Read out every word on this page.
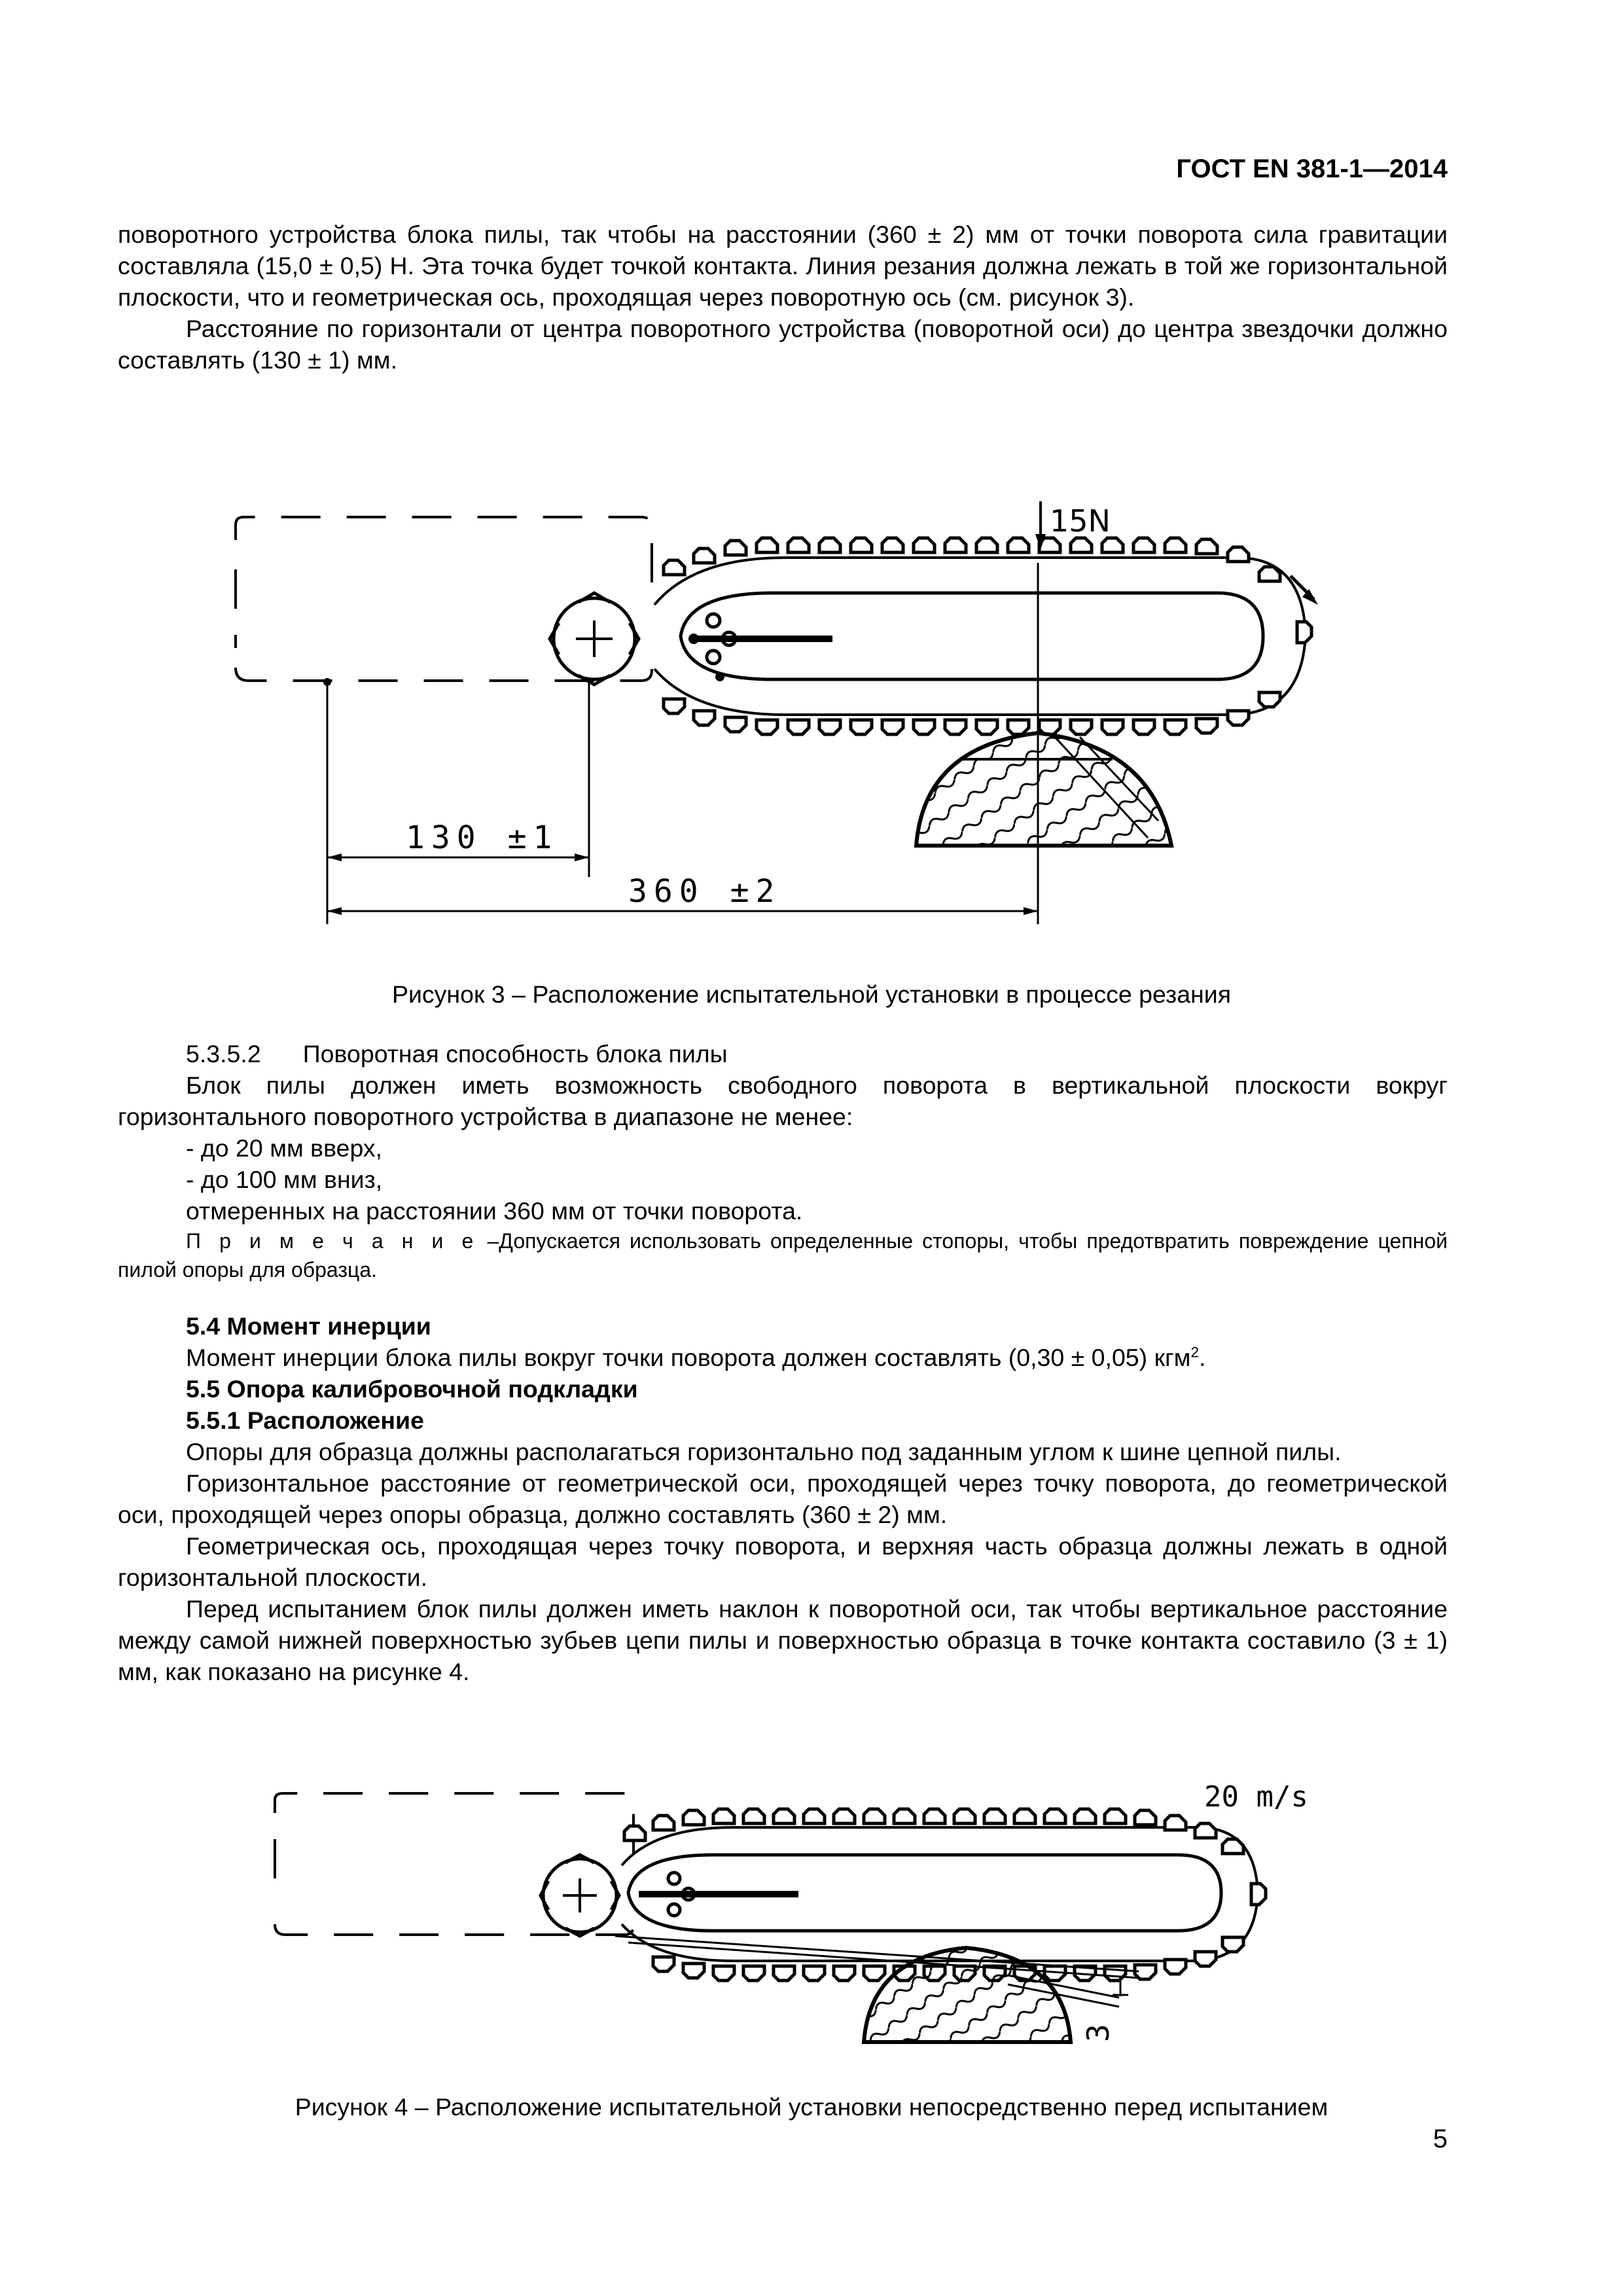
ГОСТ EN 381-1—2014

поворотного устройства блока пилы, так чтобы на расстоянии (360 ± 2) мм от точки поворота сила гравитации составляла (15,0 ± 0,5) Н. Эта точка будет точкой контакта. Линия резания должна лежать в той же горизонтальной плоскости, что и геометрическая ось, проходящая через поворотную ось (см. рисунок 3).

Расстояние по горизонтали от центра поворотного устройства (поворотной оси) до центра звездочки должно составлять (130 ± 1) мм.

15N
130 ±1
360 ±2
Рисунок 3 – Расположение испытательной установки в процессе резания

5.3.5.2 Поворотная способность блока пилы

Блок пилы должен иметь возможность свободного поворота в вертикальной плоскости вокруг горизонтального поворотного устройства в диапазоне не менее:

- до 20 мм вверх,

- до 100 мм вниз,

отмеренных на расстоянии 360 мм от точки поворота.

П р и м е ч а н и е –Допускается использовать определенные стопоры, чтобы предотвратить повреждение цепной пилой опоры для образца.

5.4 Момент инерции

Момент инерции блока пилы вокруг точки поворота должен составлять (0,30 ± 0,05) кгм$^2$.

5.5 Опора калибровочной подкладки

5.5.1 Расположение

Опоры для образца должны располагаться горизонтально под заданным углом к шине цепной пилы.

Горизонтальное расстояние от геометрической оси, проходящей через точку поворота, до геометрической оси, проходящей через опоры образца, должно составлять (360 ± 2) мм.

Геометрическая ось, проходящая через точку поворота, и верхняя часть образца должны лежать в одной горизонтальной плоскости.

Перед испытанием блок пилы должен иметь наклон к поворотной оси, так чтобы вертикальное расстояние между самой нижней поверхностью зубьев цепи пилы и поверхностью образца в точке контакта составило (3 ± 1) мм, как показано на рисунке 4.

20 m/s
3
Рисунок 4 – Расположение испытательной установки непосредственно перед испытанием
5
